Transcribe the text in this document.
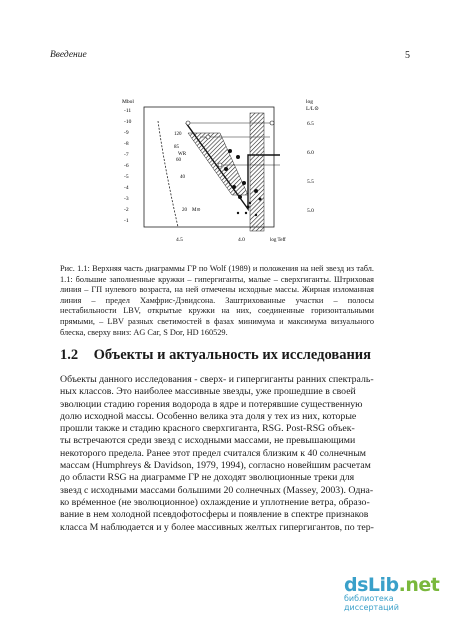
Введение	5
Mbol
-11
-10
-9
-8
-7
-6
-5
-4
-3
-2
-1
log
L/L⊙
6.5
6.0
5.5
5.0
4.5	4.0	log Teff
120
85
60
40
20 M⊙
WR
Рис. 1.1: Верхняя часть диаграммы ГР по Wolf (1989) и положения на ней звезд из табл. 1.1: большие заполненные кружки – гипергиганты, малые – сверхгиганты. Штриховая линия – ГП нулевого возраста, на ней отмечены исходные массы. Жирная изломанная линия – предел Хамфрис-Дэвидсона. Заштрихованные участки – полосы нестабильности LBV, открытые кружки на них, соединенные горизонтальными прямыми, – LBV разных светимостей в фазах минимума и максимума визуального блеска, сверху вниз: AG Car, S Dor, HD 160529.
1.2 Объекты и актуальность их исследования
Объекты данного исследования - сверх- и гипергиганты ранних спектраль-
ных классов. Это наиболее массивные звезды, уже прошедшие в своей
эволюции стадию горения водорода в ядре и потерявшие существенную
долю исходной массы. Особенно велика эта доля у тех из них, которые
прошли также и стадию красного сверхгиганта, RSG. Post-RSG объек-
ты встречаются среди звезд с исходными массами, не превышающими
некоторого предела. Ранее этот предел считался близким к 40 солнечным
массам (Humphreys & Davidson, 1979, 1994), согласно новейшим расчетам
до области RSG на диаграмме ГР не доходят эволюционные треки для
звезд с исходными массами большими 20 солнечных (Massey, 2003). Одна-
ко врéменное (не эволюционное) охлаждение и уплотнение ветра, образо-
вание в нем холодной псевдофотосферы и появление в спектре признаков
класса М наблюдается и у более массивных желтых гипергигантов, по тер-
dsLib.net
библиотека диссертаций
